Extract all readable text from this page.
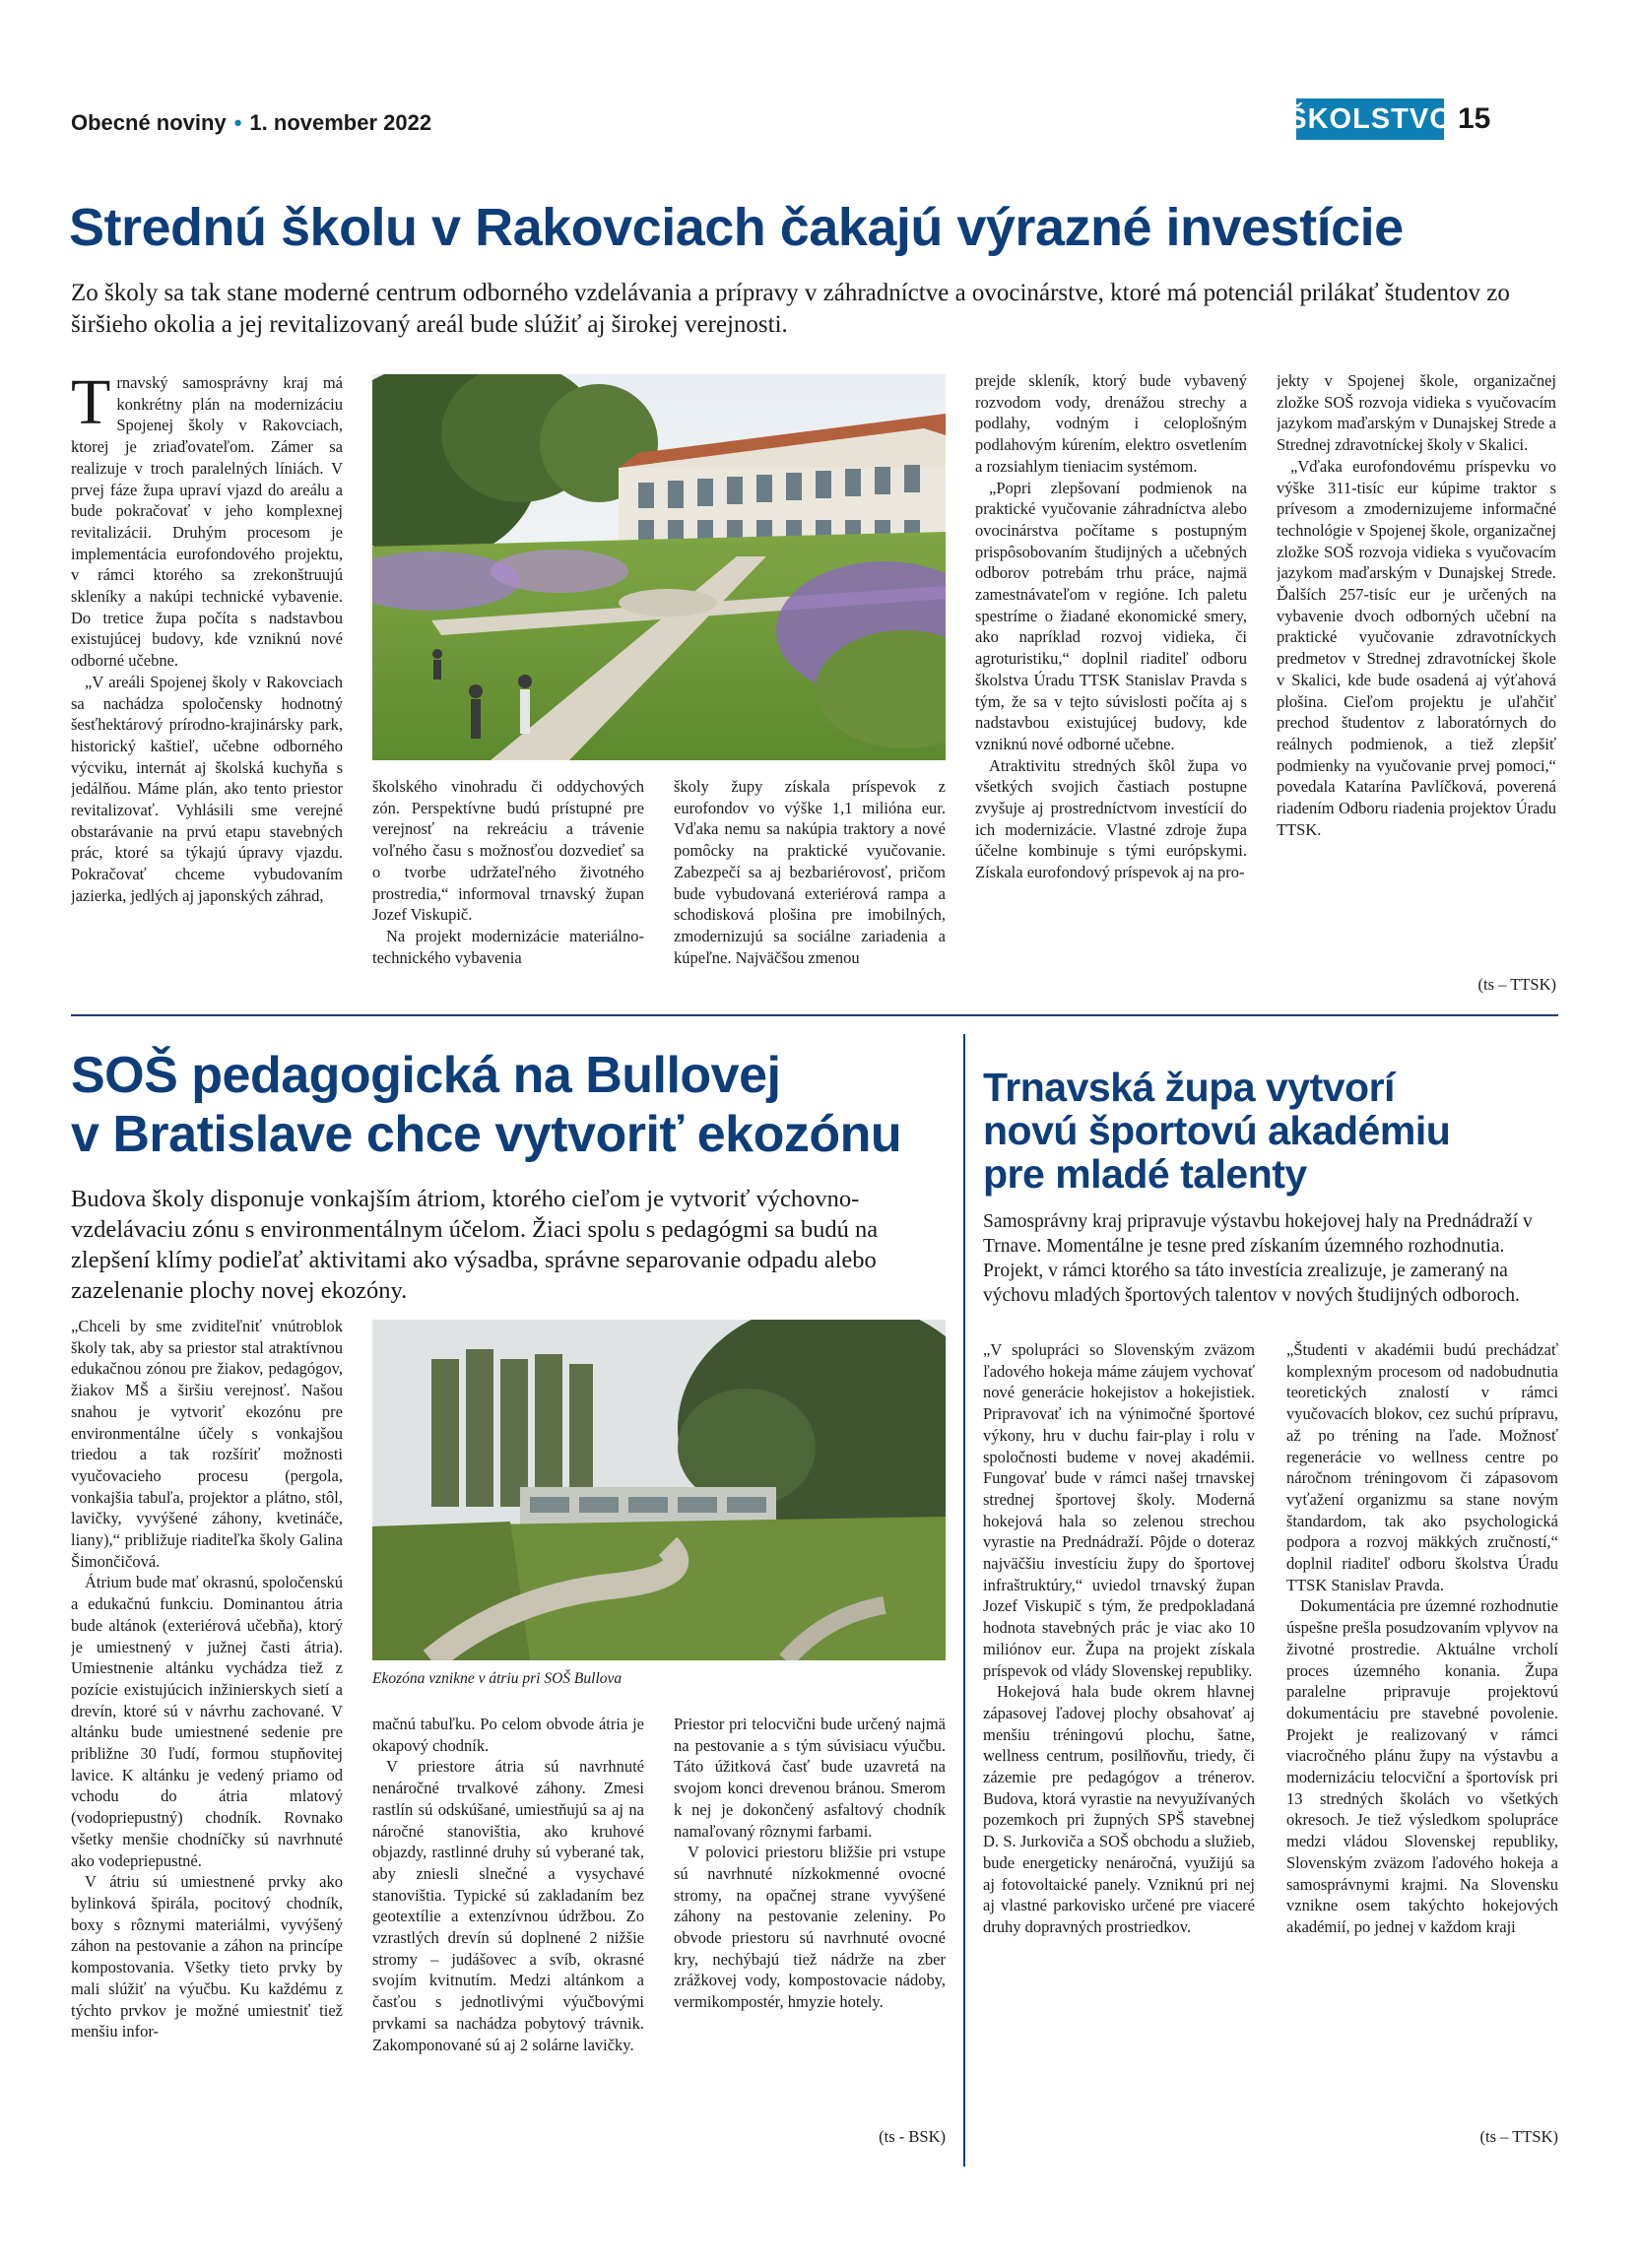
Obecné noviny • 1. november 2022	ŠKOLSTVO 15
Strednú školu v Rakovciach čakajú výrazné investície
Zo školy sa tak stane moderné centrum odborného vzdelávania a prípravy v záhradníctve a ovocinárstve, ktoré má potenciál prilákať študentov zo širšieho okolia a jej revitalizovaný areál bude slúžiť aj širokej verejnosti.

Trnavský samosprávny kraj má konkrétny plán na modernizáciu Spojenej školy v Rakovciach, ktorej je zriaďovateľom. Zámer sa realizuje v troch paralelných líniách. V prvej fáze župa upraví vjazd do areálu a bude pokračovať v jeho komplexnej revitalizácii. Druhým procesom je implementácia eurofondového projektu, v rámci ktorého sa zrekonštruujú skleníky a nakúpi technické vybavenie. Do tretice župa počíta s nadstavbou existujúcej budovy, kde vzniknú nové odborné učebne.

„V areáli Spojenej školy v Rakovciach sa nachádza spoločensky hodnotný šesťhektárový prírodno-krajinársky park, historický kaštieľ, učebne odborného výcviku, internát aj školská kuchyňa s jedálňou. Máme plán, ako tento priestor revitalizovať. Vyhlásili sme verejné obstarávanie na prvú etapu stavebných prác, ktoré sa týkajú úpravy vjazdu. Pokračovať chceme vybudovaním jazierka, jedlých aj japonských záhrad,

školského vinohradu či oddychových zón. Perspektívne budú prístupné pre verejnosť na rekreáciu a trávenie voľného času s možnosťou dozvedieť sa o tvorbe udržateľného životného prostredia,“ informoval trnavský župan Jozef Viskupič.

Na projekt modernizácie materiálno-technického vybavenia

školy župy získala príspevok z eurofondov vo výške 1,1 milióna eur. Vďaka nemu sa nakúpia traktory a nové pomôcky na praktické vyučovanie. Zabezpečí sa aj bezbariérovosť, pričom bude vybudovaná exteriérová rampa a schodisková plošina pre imobilných, zmodernizujú sa sociálne zariadenia a kúpeľne. Najväčšou zmenou

prejde skleník, ktorý bude vybavený rozvodom vody, drenážou strechy a podlahy, vodným i celoplošným podlahovým kúrením, elektro osvetlením a rozsiahlym tieniacim systémom.

„Popri zlepšovaní podmienok na praktické vyučovanie záhradníctva alebo ovocinárstva počítame s postupným prispôsobovaním študijných a učebných odborov potrebám trhu práce, najmä zamestnávateľom v regióne. Ich paletu spestríme o žiadané ekonomické smery, ako napríklad rozvoj vidieka, či agroturistiku,“ doplnil riaditeľ odboru školstva Úradu TTSK Stanislav Pravda s tým, že sa v tejto súvislosti počíta aj s nadstavbou existujúcej budovy, kde vzniknú nové odborné učebne.

Atraktivitu stredných škôl župa vo všetkých svojich častiach postupne zvyšuje aj prostredníctvom investícií do ich modernizácie. Vlastné zdroje župa účelne kombinuje s tými európskymi. Získala eurofondový príspevok aj na pro-

jekty v Spojenej škole, organizačnej zložke SOŠ rozvoja vidieka s vyučovacím jazykom maďarským v Dunajskej Strede a Strednej zdravotníckej školy v Skalici.

„Vďaka eurofondovému príspevku vo výške 311-tisíc eur kúpime traktor s prívesom a zmodernizujeme informačné technológie v Spojenej škole, organizačnej zložke SOŠ rozvoja vidieka s vyučovacím jazykom maďarským v Dunajskej Strede. Ďalších 257-tisíc eur je určených na vybavenie dvoch odborných učební na praktické vyučovanie zdravotníckych predmetov v Strednej zdravotníckej škole v Skalici, kde bude osadená aj výťahová plošina. Cieľom projektu je uľahčiť prechod študentov z laboratórnych do reálnych podmienok, a tiež zlepšiť podmienky na vyučovanie prvej pomoci,“ povedala Katarína Pavlíčková, poverená riadením Odboru riadenia projektov Úradu TTSK.

(ts – TTSK)
SOŠ pedagogická na Bullovej
v Bratislave chce vytvoriť ekozónu
Budova školy disponuje vonkajším átriom, ktorého cieľom je vytvoriť výchovno-vzdelávaciu zónu s environmentálnym účelom. Žiaci spolu s pedagógmi sa budú na zlepšení klímy podieľať aktivitami ako výsadba, správne separovanie odpadu alebo zazelenanie plochy novej ekozóny.

„Chceli by sme zviditeľniť vnútroblok školy tak, aby sa priestor stal atraktívnou edukačnou zónou pre žiakov, pedagógov, žiakov MŠ a širšiu verejnosť. Našou snahou je vytvoriť ekozónu pre environmentálne účely s vonkajšou triedou a tak rozšíriť možnosti vyučovacieho procesu (pergola, vonkajšia tabuľa, projektor a plátno, stôl, lavičky, vyvýšené záhony, kvetináče, liany),“ približuje riaditeľka školy Galina Šimončičová.

Átrium bude mať okrasnú, spoločenskú a edukačnú funkciu. Dominantou átria bude altánok (exteriérová učebňa), ktorý je umiestnený v južnej časti átria). Umiestnenie altánku vychádza tiež z pozície existujúcich inžinierskych sietí a drevín, ktoré sú v návrhu zachované. V altánku bude umiestnené sedenie pre približne 30 ľudí, formou stupňovitej lavice. K altánku je vedený priamo od vchodu do átria mlatový (vodopriepustný) chodník. Rovnako všetky menšie chodníčky sú navrhnuté ako vodepriepustné.

V átriu sú umiestnené prvky ako bylinková špirála, pocitový chodník, boxy s rôznymi materiálmi, vyvýšený záhon na pestovanie a záhon na princípe kompostovania. Všetky tieto prvky by mali slúžiť na výučbu. Ku každému z týchto prvkov je možné umiestniť tiež menšiu infor-

Ekozóna vznikne v átriu pri SOŠ Bullova

mačnú tabuľku. Po celom obvode átria je okapový chodník.

V priestore átria sú navrhnuté nenáročné trvalkové záhony. Zmesi rastlín sú odskúšané, umiestňujú sa aj na náročné stanovištia, ako kruhové objazdy, rastlinné druhy sú vyberané tak, aby zniesli slnečné a vysychavé stanovištia. Typické sú zakladaním bez geotextílie a extenzívnou údržbou. Zo vzrastlých drevín sú doplnené 2 nižšie stromy – judášovec a svíb, okrasné svojím kvitnutím. Medzi altánkom a časťou s jednotlivými výučbovými prvkami sa nachádza pobytový trávnik. Zakomponované sú aj 2 solárne lavičky.

Priestor pri telocvični bude určený najmä na pestovanie a s tým súvisiacu výučbu. Táto úžitková časť bude uzavretá na svojom konci drevenou bránou. Smerom k nej je dokončený asfaltový chodník namaľovaný rôznymi farbami.

V polovici priestoru bližšie pri vstupe sú navrhnuté nízkokmenné ovocné stromy, na opačnej strane vyvýšené záhony na pestovanie zeleniny. Po obvode priestoru sú navrhnuté ovocné kry, nechýbajú tiež nádrže na zber zrážkovej vody, kompostovacie nádoby, vermikompostér, hmyzie hotely.

(ts - BSK)
Trnavská župa vytvorí
novú športovú akadémiu
pre mladé talenty
Samosprávny kraj pripravuje výstavbu hokejovej haly na Prednádraží v Trnave. Momentálne je tesne pred získaním územného rozhodnutia. Projekt, v rámci ktorého sa táto investícia zrealizuje, je zameraný na výchovu mladých športových talentov v nových študijných odboroch.

„V spolupráci so Slovenským zväzom ľadového hokeja máme záujem vychovať nové generácie hokejistov a hokejistiek. Pripravovať ich na výnimočné športové výkony, hru v duchu fair-play i rolu v spoločnosti budeme v novej akadémii. Fungovať bude v rámci našej trnavskej strednej športovej školy. Moderná hokejová hala so zelenou strechou vyrastie na Prednádraží. Pôjde o doteraz najväčšiu investíciu župy do športovej infraštruktúry,“ uviedol trnavský župan Jozef Viskupič s tým, že predpokladaná hodnota stavebných prác je viac ako 10 miliónov eur. Župa na projekt získala príspevok od vlády Slovenskej republiky.

Hokejová hala bude okrem hlavnej zápasovej ľadovej plochy obsahovať aj menšiu tréningovú plochu, šatne, wellness centrum, posilňovňu, triedy, či zázemie pre pedagógov a trénerov. Budova, ktorá vyrastie na nevyužívaných pozemkoch pri župných SPŠ stavebnej D. S. Jurkoviča a SOŠ obchodu a služieb, bude energeticky nenáročná, využijú sa aj fotovoltaické panely. Vzniknú pri nej aj vlastné parkovisko určené pre viaceré druhy dopravných prostriedkov.

„Študenti v akadémii budú prechádzať komplexným procesom od nadobudnutia teoretických znalostí v rámci vyučovacích blokov, cez suchú prípravu, až po tréning na ľade. Možnosť regenerácie vo wellness centre po náročnom tréningovom či zápasovom vyťažení organizmu sa stane novým štandardom, tak ako psychologická podpora a rozvoj mäkkých zručností,“ doplnil riaditeľ odboru školstva Úradu TTSK Stanislav Pravda.

Dokumentácia pre územné rozhodnutie úspešne prešla posudzovaním vplyvov na životné prostredie. Aktuálne vrcholí proces územného konania. Župa paralelne pripravuje projektovú dokumentáciu pre stavebné povolenie. Projekt je realizovaný v rámci viacročného plánu župy na výstavbu a modernizáciu telocviční a športovísk pri 13 stredných školách vo všetkých okresoch. Je tiež výsledkom spolupráce medzi vládou Slovenskej republiky, Slovenským zväzom ľadového hokeja a samosprávnymi krajmi. Na Slovensku vznikne osem takýchto hokejových akadémií, po jednej v každom kraji

(ts – TTSK)
